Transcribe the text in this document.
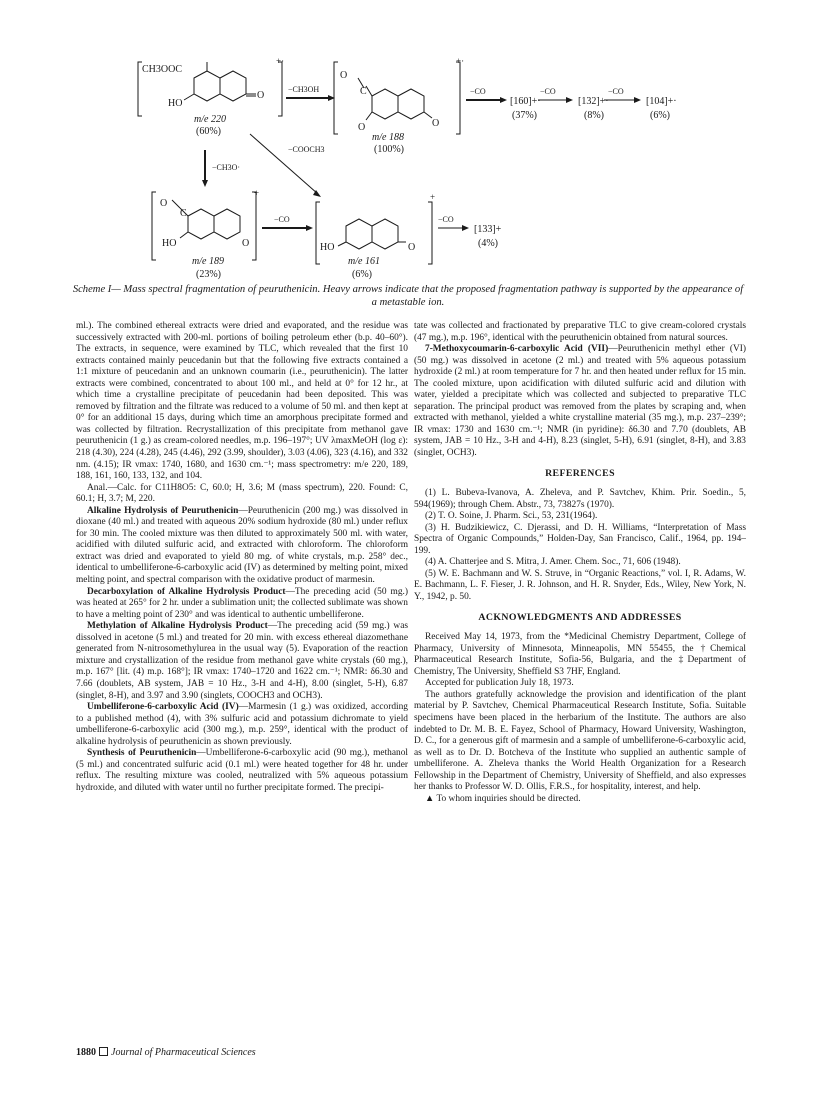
CH3OOC
+·
HO
O
m/e 220
(60%)
−CH3OH
O
C
+·
O	O
m/e 188
(100%)
−CO
[160]+·
(37%)
−CO
[132]+·
(8%)
−CO
[104]+·
(6%)
−CH3O·
−COOCH3
O
C
+
HO	O
m/e 189
(23%)
−CO
+
HO	O
m/e 161
(6%)
−CO
[133]+
(4%)
Scheme I— Mass spectral fragmentation of peuruthenicin. Heavy arrows indicate that the proposed fragmentation pathway is supported by the appearance of a metastable ion.

ml.). The combined ethereal extracts were dried and evaporated, and the residue was successively extracted with 200-ml. portions of boiling petroleum ether (b.p. 40–60°). The extracts, in sequence, were examined by TLC, which revealed that the first 10 extracts contained mainly peucedanin but that the following five extracts contained a 1:1 mixture of peucedanin and an unknown coumarin (i.e., peuruthenicin). The latter extracts were combined, concentrated to about 100 ml., and held at 0° for 12 hr., at which time a crystalline precipitate of peucedanin had been deposited. This was removed by filtration and the filtrate was reduced to a volume of 50 ml. and then kept at 0° for an additional 15 days, during which time an amorphous precipitate formed and was collected by filtration. Recrystallization of this precipitate from methanol gave peuruthenicin (1 g.) as cream-colored needles, m.p. 196–197°; UV λmaxMeOH (log ε): 218 (4.30), 224 (4.28), 245 (4.46), 292 (3.99, shoulder), 3.03 (4.06), 323 (4.16), and 332 nm. (4.15); IR νmax: 1740, 1680, and 1630 cm.⁻¹; mass spectrometry: m/e 220, 189, 188, 161, 160, 133, 132, and 104.

Anal.—Calc. for C11H8O5: C, 60.0; H, 3.6; M (mass spectrum), 220. Found: C, 60.1; H, 3.7; M, 220.

Alkaline Hydrolysis of Peuruthenicin—Peuruthenicin (200 mg.) was dissolved in dioxane (40 ml.) and treated with aqueous 20% sodium hydroxide (80 ml.) under reflux for 30 min. The cooled mixture was then diluted to approximately 500 ml. with water, acidified with diluted sulfuric acid, and extracted with chloroform. The chloroform extract was dried and evaporated to yield 80 mg. of white crystals, m.p. 258° dec., identical to umbelliferone-6-carboxylic acid (IV) as determined by melting point, mixed melting point, and spectral comparison with the oxidative product of marmesin.

Decarboxylation of Alkaline Hydrolysis Product—The preceding acid (50 mg.) was heated at 265° for 2 hr. under a sublimation unit; the collected sublimate was shown to have a melting point of 230° and was identical to authentic umbelliferone.

Methylation of Alkaline Hydrolysis Product—The preceding acid (59 mg.) was dissolved in acetone (5 ml.) and treated for 20 min. with excess ethereal diazomethane generated from N-nitrosomethylurea in the usual way (5). Evaporation of the reaction mixture and crystallization of the residue from methanol gave white crystals (60 mg.), m.p. 167° [lit. (4) m.p. 168°]; IR νmax: 1740–1720 and 1622 cm.⁻¹; NMR: δ6.30 and 7.66 (doublets, AB system, JAB = 10 Hz., 3-H and 4-H), 8.00 (singlet, 5-H), 6.87 (singlet, 8-H), and 3.97 and 3.90 (singlets, COOCH3 and OCH3).

Umbelliferone-6-carboxylic Acid (IV)—Marmesin (1 g.) was oxidized, according to a published method (4), with 3% sulfuric acid and potassium dichromate to yield umbelliferone-6-carboxylic acid (300 mg.), m.p. 259°, identical with the product of alkaline hydrolysis of peuruthenicin as shown previously.

Synthesis of Peuruthenicin—Umbelliferone-6-carboxylic acid (90 mg.), methanol (5 ml.) and concentrated sulfuric acid (0.1 ml.) were heated together for 48 hr. under reflux. The resulting mixture was cooled, neutralized with 5% aqueous potassium hydroxide, and diluted with water until no further precipitate formed. The precipi-

tate was collected and fractionated by preparative TLC to give cream-colored crystals (47 mg.), m.p. 196°, identical with the peuruthenicin obtained from natural sources.

7-Methoxycoumarin-6-carboxylic Acid (VII)—Peuruthenicin methyl ether (VI) (50 mg.) was dissolved in acetone (2 ml.) and treated with 5% aqueous potassium hydroxide (2 ml.) at room temperature for 7 hr. and then heated under reflux for 15 min. The cooled mixture, upon acidification with diluted sulfuric acid and dilution with water, yielded a precipitate which was collected and subjected to preparative TLC separation. The principal product was removed from the plates by scraping and, when extracted with methanol, yielded a white crystalline material (35 mg.), m.p. 237–239°; IR νmax: 1730 and 1630 cm.⁻¹; NMR (in pyridine): δ6.30 and 7.70 (doublets, AB system, JAB = 10 Hz., 3-H and 4-H), 8.23 (singlet, 5-H), 6.91 (singlet, 8-H), and 3.83 (singlet, OCH3).

REFERENCES

(1) L. Bubeva-Ivanova, A. Zheleva, and P. Savtchev, Khim. Prir. Soedin., 5, 594(1969); through Chem. Abstr., 73, 73827s (1970).

(2) T. O. Soine, J. Pharm. Sci., 53, 231(1964).

(3) H. Budzikiewicz, C. Djerassi, and D. H. Williams, “Interpretation of Mass Spectra of Organic Compounds,” Holden-Day, San Francisco, Calif., 1964, pp. 194–199.

(4) A. Chatterjee and S. Mitra, J. Amer. Chem. Soc., 71, 606 (1948).

(5) W. E. Bachmann and W. S. Struve, in “Organic Reactions,” vol. I, R. Adams, W. E. Bachmann, L. F. Fieser, J. R. Johnson, and H. R. Snyder, Eds., Wiley, New York, N. Y., 1942, p. 50.

ACKNOWLEDGMENTS AND ADDRESSES

Received May 14, 1973, from the *Medicinal Chemistry Department, College of Pharmacy, University of Minnesota, Minneapolis, MN 55455, the †Chemical Pharmaceutical Research Institute, Sofia-56, Bulgaria, and the ‡Department of Chemistry, The University, Sheffield S3 7HF, England.

Accepted for publication July 18, 1973.

The authors gratefully acknowledge the provision and identification of the plant material by P. Savtchev, Chemical Pharmaceutical Research Institute, Sofia. Suitable specimens have been placed in the herbarium of the Institute. The authors are also indebted to Dr. M. B. E. Fayez, School of Pharmacy, Howard University, Washington, D. C., for a generous gift of marmesin and a sample of umbelliferone-6-carboxylic acid, as well as to Dr. D. Botcheva of the Institute who supplied an authentic sample of umbelliferone. A. Zheleva thanks the World Health Organization for a Research Fellowship in the Department of Chemistry, University of Sheffield, and also expresses her thanks to Professor W. D. Ollis, F.R.S., for hospitality, interest, and help.

▲ To whom inquiries should be directed.

1880 Journal of Pharmaceutical Sciences
